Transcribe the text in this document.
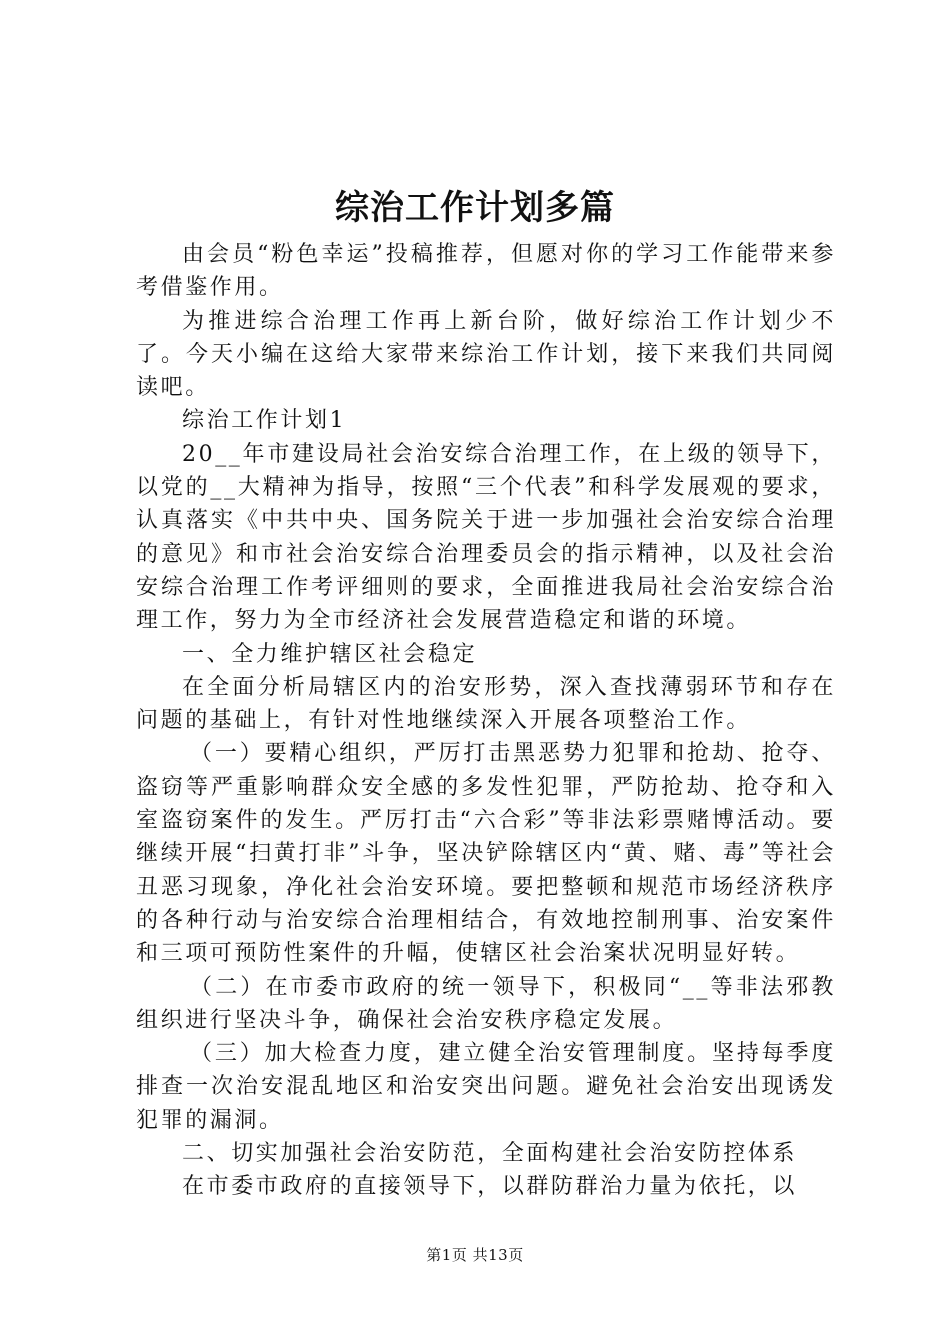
综治工作计划多篇

由会员“粉色幸运”投稿推荐，但愿对你的学习工作能带来参考借鉴作用。

为推进综合治理工作再上新台阶，做好综治工作计划少不了。今天小编在这给大家带来综治工作计划，接下来我们共同阅读吧。

综治工作计划1

20__年市建设局社会治安综合治理工作，在上级的领导下，以党的__大精神为指导，按照“三个代表”和科学发展观的要求，认真落实《中共中央、国务院关于进一步加强社会治安综合治理的意见》和市社会治安综合治理委员会的指示精神，以及社会治安综合治理工作考评细则的要求，全面推进我局社会治安综合治理工作，努力为全市经济社会发展营造稳定和谐的环境。

一、全力维护辖区社会稳定

在全面分析局辖区内的治安形势，深入查找薄弱环节和存在问题的基础上，有针对性地继续深入开展各项整治工作。

（一）要精心组织，严厉打击黑恶势力犯罪和抢劫、抢夺、盗窃等严重影响群众安全感的多发性犯罪，严防抢劫、抢夺和入室盗窃案件的发生。严厉打击“六合彩”等非法彩票赌博活动。要继续开展“扫黄打非”斗争，坚决铲除辖区内“黄、赌、毒”等社会丑恶习现象，净化社会治安环境。要把整顿和规范市场经济秩序的各种行动与治安综合治理相结合，有效地控制刑事、治安案件和三项可预防性案件的升幅，使辖区社会治案状况明显好转。

（二）在市委市政府的统一领导下，积极同“__等非法邪教组织进行坚决斗争，确保社会治安秩序稳定发展。

（三）加大检查力度，建立健全治安管理制度。坚持每季度排查一次治安混乱地区和治安突出问题。避免社会治安出现诱发犯罪的漏洞。

二、切实加强社会治安防范，全面构建社会治安防控体系

在市委市政府的直接领导下，以群防群治力量为依托，以

第1页 共13页
